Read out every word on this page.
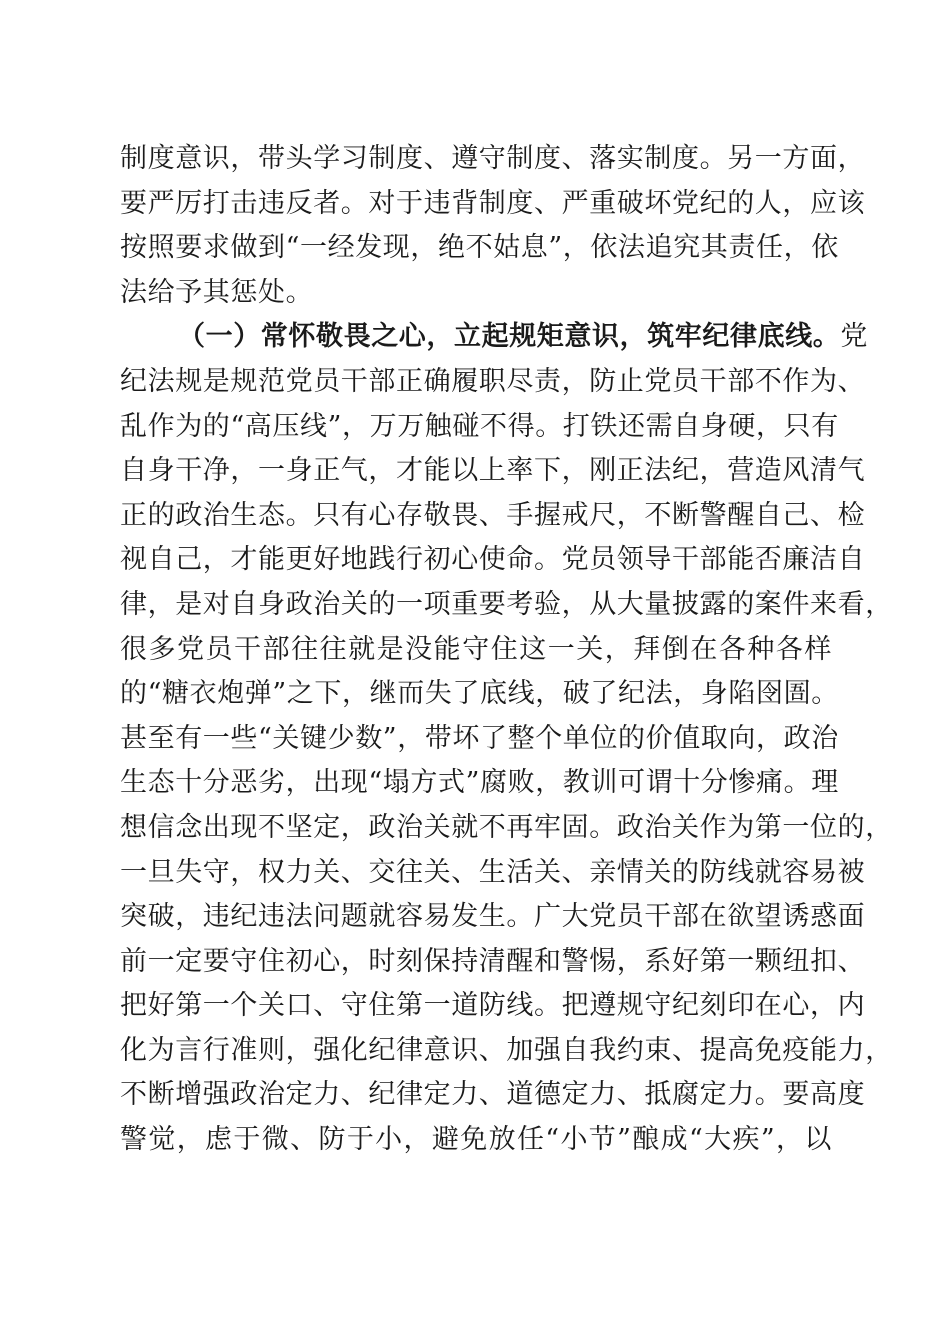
制度意识，带头学习制度、遵守制度、落实制度。另一方面，
要严厉打击违反者。对于违背制度、严重破坏党纪的人，应该
按照要求做到“一经发现，绝不姑息”，依法追究其责任，依
法给予其惩处。
（一）常怀敬畏之心，立起规矩意识，筑牢纪律底线。党
纪法规是规范党员干部正确履职尽责，防止党员干部不作为、
乱作为的“高压线”，万万触碰不得。打铁还需自身硬，只有
自身干净，一身正气，才能以上率下，刚正法纪，营造风清气
正的政治生态。只有心存敬畏、手握戒尺，不断警醒自己、检
视自己，才能更好地践行初心使命。党员领导干部能否廉洁自
律，是对自身政治关的一项重要考验，从大量披露的案件来看，
很多党员干部往往就是没能守住这一关，拜倒在各种各样
的“糖衣炮弹”之下，继而失了底线，破了纪法，身陷囹圄。
甚至有一些“关键少数”，带坏了整个单位的价值取向，政治
生态十分恶劣，出现“塌方式”腐败，教训可谓十分惨痛。理
想信念出现不坚定，政治关就不再牢固。政治关作为第一位的，
一旦失守，权力关、交往关、生活关、亲情关的防线就容易被
突破，违纪违法问题就容易发生。广大党员干部在欲望诱惑面
前一定要守住初心，时刻保持清醒和警惕，系好第一颗纽扣、
把好第一个关口、守住第一道防线。把遵规守纪刻印在心，内
化为言行准则，强化纪律意识、加强自我约束、提高免疫能力，
不断增强政治定力、纪律定力、道德定力、抵腐定力。要高度
警觉，虑于微、防于小，避免放任“小节”酿成“大疾”，以
